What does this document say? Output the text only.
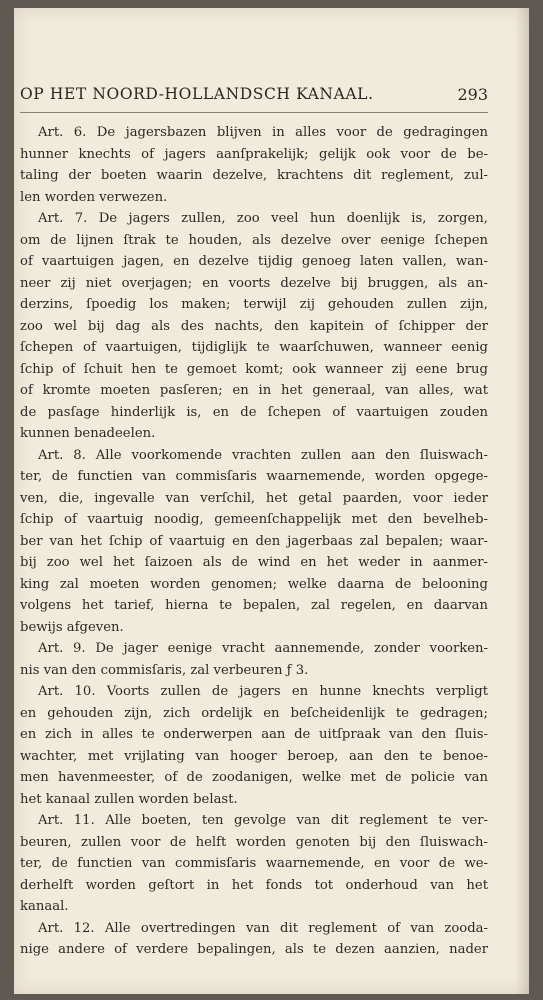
OP HET NOORD-HOLLANDSCH KANAAL.	293
Art. 6. De jagersbazen blijven in alles voor de gedragingen
hunner knechts of jagers aanſprakelijk; gelijk ook voor de be-
taling der boeten waarin dezelve, krachtens dit reglement, zul-
len worden verwezen.
Art. 7. De jagers zullen, zoo veel hun doenlijk is, zorgen,
om de lijnen ſtrak te houden, als dezelve over eenige ſchepen
of vaartuigen jagen, en dezelve tijdig genoeg laten vallen, wan-
neer zij niet overjagen; en voorts dezelve bij bruggen, als an-
derzins, ſpoedig los maken; terwijl zij gehouden zullen zijn,
zoo wel bij dag als des nachts, den kapitein of ſchipper der
ſchepen of vaartuigen, tijdiglijk te waarſchuwen, wanneer eenig
ſchip of ſchuit hen te gemoet komt; ook wanneer zij eene brug
of kromte moeten pasſeren; en in het generaal, van alles, wat
de pasſage hinderlijk is, en de ſchepen of vaartuigen zouden
kunnen benadeelen.
Art. 8. Alle voorkomende vrachten zullen aan den ſluiswach-
ter, de functien van commisſaris waarnemende, worden opgege-
ven, die, ingevalle van verſchil, het getal paarden, voor ieder
ſchip of vaartuig noodig, gemeenſchappelijk met den bevelheb-
ber van het ſchip of vaartuig en den jagerbaas zal bepalen; waar-
bij zoo wel het ſaizoen als de wind en het weder in aanmer-
king zal moeten worden genomen; welke daarna de belooning
volgens het tarief, hierna te bepalen, zal regelen, en daarvan
bewijs afgeven.
Art. 9. De jager eenige vracht aannemende, zonder voorken-
nis van den commisſaris, zal verbeuren ƒ 3.
Art. 10. Voorts zullen de jagers en hunne knechts verpligt
en gehouden zijn, zich ordelijk en beſcheidenlijk te gedragen;
en zich in alles te onderwerpen aan de uitſpraak van den ſluis-
wachter, met vrijlating van hooger beroep, aan den te benoe-
men havenmeester, of de zoodanigen, welke met de policie van
het kanaal zullen worden belast.
Art. 11. Alle boeten, ten gevolge van dit reglement te ver-
beuren, zullen voor de helft worden genoten bij den ſluiswach-
ter, de functien van commisſaris waarnemende, en voor de we-
derhelft worden geſtort in het fonds tot onderhoud van het
kanaal.
Art. 12. Alle overtredingen van dit reglement of van zooda-
nige andere of verdere bepalingen, als te dezen aanzien, nader
